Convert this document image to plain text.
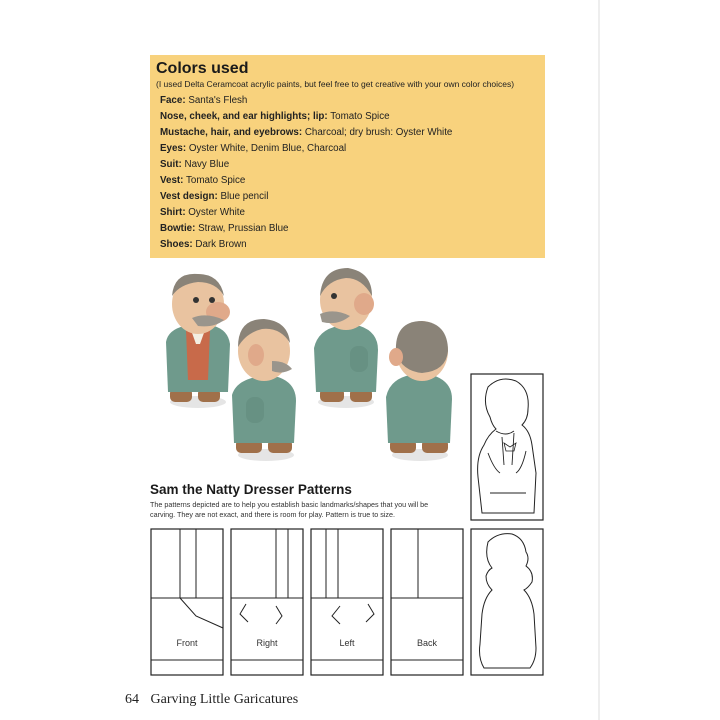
Colors used

(I used Delta Ceramcoat acrylic paints, but feel free to get creative with your own color choices)

Face: Santa's Flesh
Nose, cheek, and ear highlights; lip: Tomato Spice
Mustache, hair, and eyebrows: Charcoal; dry brush: Oyster White
Eyes: Oyster White, Denim Blue, Charcoal
Suit: Navy Blue
Vest: Tomato Spice
Vest design: Blue pencil
Shirt: Oyster White
Bowtie: Straw, Prussian Blue
Shoes: Dark Brown

Sam the Natty Dresser Patterns

The patterns depicted are to help you establish basic landmarks/shapes that you will be carving. They are not exact, and there is room for play. Pattern is true to size.

Front	Right	Left	Back
64 Garving Little Garicatures
